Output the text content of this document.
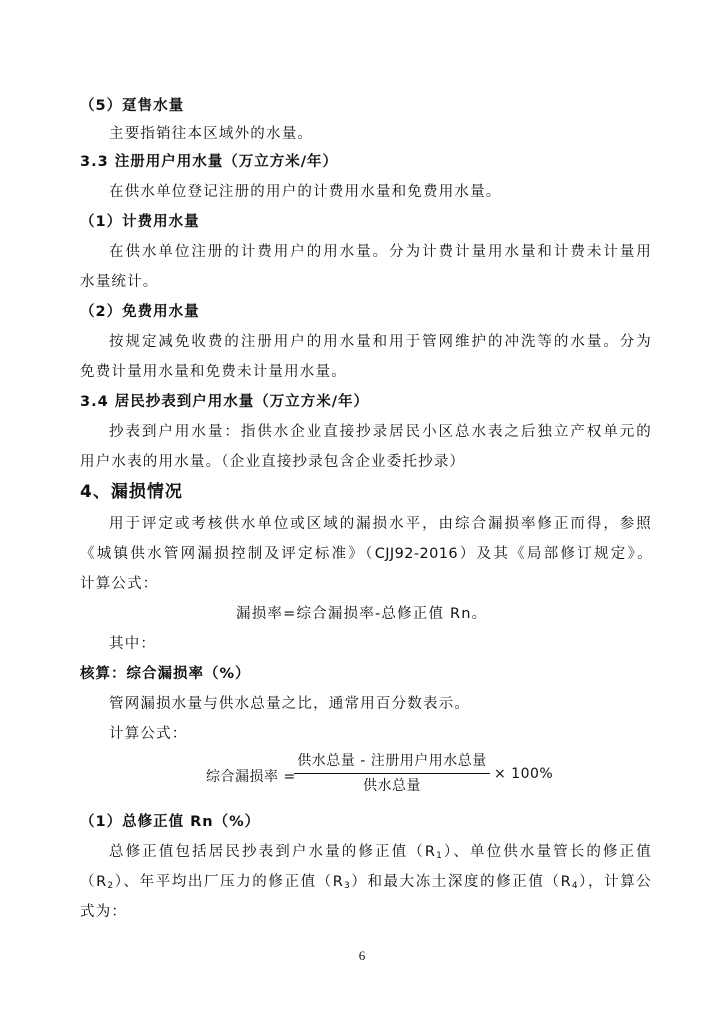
（5）趸售水量
主要指销往本区域外的水量。
3.3 注册用户用水量（万立方米/年）
在供水单位登记注册的用户的计费用水量和免费用水量。
（1）计费用水量
在供水单位注册的计费用户的用水量。分为计费计量用水量和计费未计量用
水量统计。
（2）免费用水量
按规定减免收费的注册用户的用水量和用于管网维护的冲洗等的水量。分为
免费计量用水量和免费未计量用水量。
3.4 居民抄表到户用水量（万立方米/年）
抄表到户用水量：指供水企业直接抄录居民小区总水表之后独立产权单元的
用户水表的用水量。（企业直接抄录包含企业委托抄录）
4、漏损情况
用于评定或考核供水单位或区域的漏损水平，由综合漏损率修正而得，参照
《城镇供水管网漏损控制及评定标准》（CJJ92-2016）及其《局部修订规定》。
计算公式：
漏损率=综合漏损率-总修正值 Rn。
其中：
核算：综合漏损率（%）
管网漏损水量与供水总量之比，通常用百分数表示。
计算公式：
综合漏损率 =
供水总量 - 注册用户用水总量
供水总量
× 100%
（1）总修正值 Rn（%）
总修正值包括居民抄表到户水量的修正值$(R_1)$、单位供水量管长的修正值
$(R_2)$、年平均出厂压力的修正值$(R_3)$和最大冻土深度的修正值$(R_4)$，计算公
式为：
6
